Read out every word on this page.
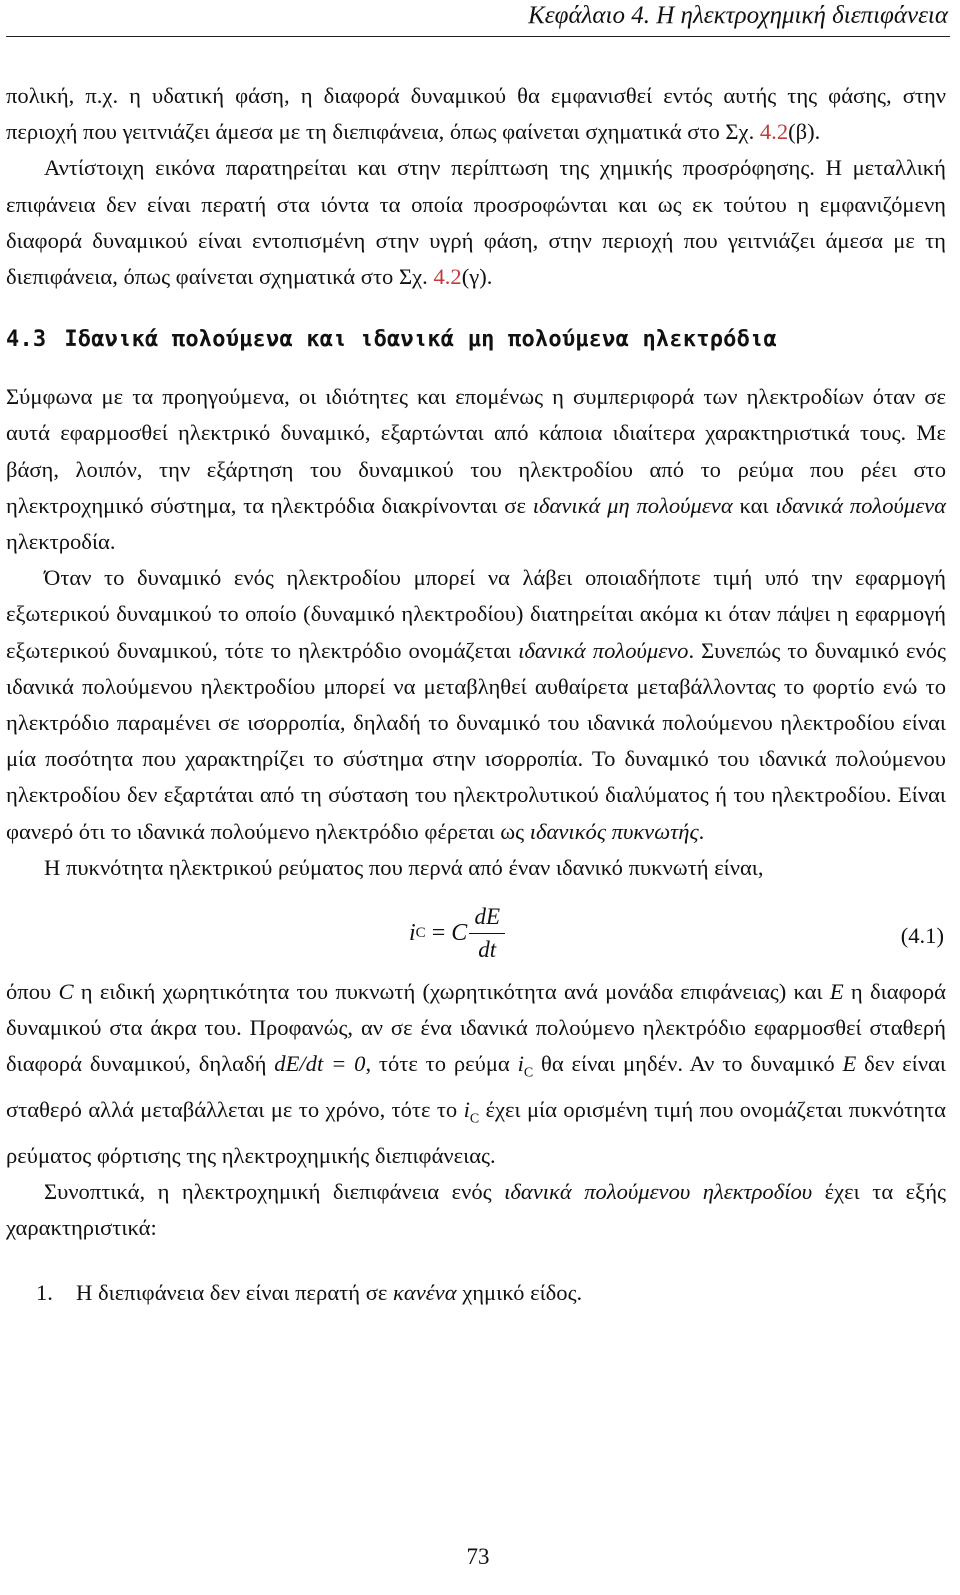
Κεφάλαιο 4. Η ηλεκτροχημική διεπιφάνεια

πολική, π.χ. η υδατική φάση, η διαφορά δυναμικού θα εμφανισθεί εντός αυτής της φάσης, στην περιοχή που γειτνιάζει άμεσα με τη διεπιφάνεια, όπως φαίνεται σχηματικά στο Σχ. 4.2(β).

Αντίστοιχη εικόνα παρατηρείται και στην περίπτωση της χημικής προσρόφησης. Η μεταλλική επιφάνεια δεν είναι περατή στα ιόντα τα οποία προσροφώνται και ως εκ τούτου η εμφανιζόμενη διαφορά δυναμικού είναι εντοπισμένη στην υγρή φάση, στην περιοχή που γειτνιάζει άμεσα με τη διεπιφάνεια, όπως φαίνεται σχηματικά στο Σχ. 4.2(γ).

4.3 Ιδανικά πολούμενα και ιδανικά μη πολούμενα ηλεκτρόδια

Σύμφωνα με τα προηγούμενα, οι ιδιότητες και επομένως η συμπεριφορά των ηλεκτροδίων όταν σε αυτά εφαρμοσθεί ηλεκτρικό δυναμικό, εξαρτώνται από κάποια ιδιαίτερα χαρακτηριστικά τους. Με βάση, λοιπόν, την εξάρτηση του δυναμικού του ηλεκτροδίου από το ρεύμα που ρέει στο ηλεκτροχημικό σύστημα, τα ηλεκτρόδια διακρίνονται σε ιδανικά μη πολούμενα και ιδανικά πολούμενα ηλεκτροδία.

Όταν το δυναμικό ενός ηλεκτροδίου μπορεί να λάβει οποιαδήποτε τιμή υπό την εφαρμογή εξωτερικού δυναμικού το οποίο (δυναμικό ηλεκτροδίου) διατηρείται ακόμα κι όταν πάψει η εφαρμογή εξωτερικού δυναμικού, τότε το ηλεκτρόδιο ονομάζεται ιδανικά πολούμενο. Συνεπώς το δυναμικό ενός ιδανικά πολούμενου ηλεκτροδίου μπορεί να μεταβληθεί αυθαίρετα μεταβάλλοντας το φορτίο ενώ το ηλεκτρόδιο παραμένει σε ισορροπία, δηλαδή το δυναμικό του ιδανικά πολούμενου ηλεκτροδίου είναι μία ποσότητα που χαρακτηρίζει το σύστημα στην ισορροπία. Το δυναμικό του ιδανικά πολούμενου ηλεκτροδίου δεν εξαρτάται από τη σύσταση του ηλεκτρολυτικού διαλύματος ή του ηλεκτροδίου. Είναι φανερό ότι το ιδανικά πολούμενο ηλεκτρόδιο φέρεται ως ιδανικός πυκνωτής.

Η πυκνότητα ηλεκτρικού ρεύματος που περνά από έναν ιδανικό πυκνωτή είναι,

i C = C $\frac{dE}{dt}$	(4.1)

όπου C η ειδική χωρητικότητα του πυκνωτή (χωρητικότητα ανά μονάδα επιφάνειας) και E η διαφορά δυναμικού στα άκρα του. Προφανώς, αν σε ένα ιδανικά πολούμενο ηλεκτρόδιο εφαρμοσθεί σταθερή διαφορά δυναμικού, δηλαδή dE/dt = 0, τότε το ρεύμα $i_C$ θα είναι μηδέν. Αν το δυναμικό E δεν είναι σταθερό αλλά μεταβάλλεται με το χρόνο, τότε το $i_C$ έχει μία ορισμένη τιμή που ονομάζεται πυκνότητα ρεύματος φόρτισης της ηλεκτροχημικής διεπιφάνειας.

Συνοπτικά, η ηλεκτροχημική διεπιφάνεια ενός ιδανικά πολούμενου ηλεκτροδίου έχει τα εξής χαρακτηριστικά:

1.	Η διεπιφάνεια δεν είναι περατή σε κανένα χημικό είδος.
73
